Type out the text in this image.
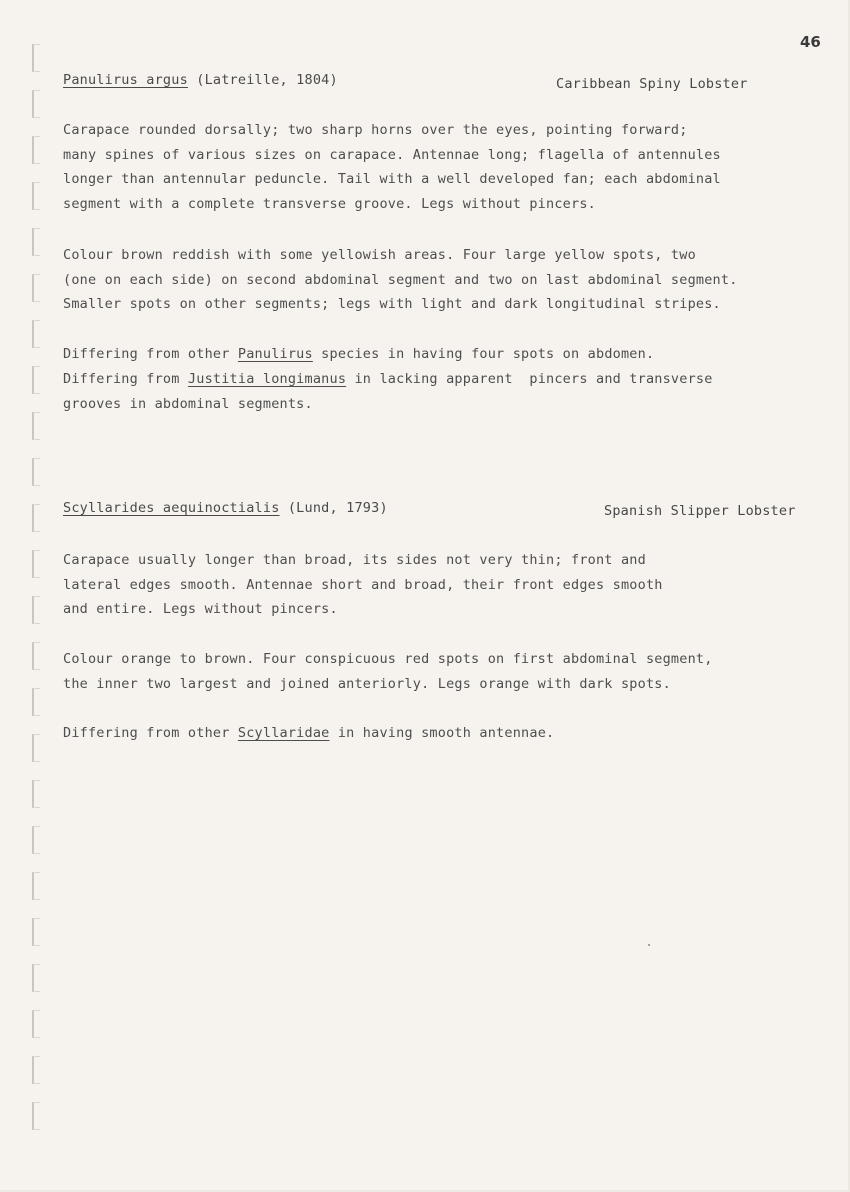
46
Panulirus argus (Latreille, 1804)	Caribbean Spiny Lobster

Carapace rounded dorsally; two sharp horns over the eyes, pointing forward;
many spines of various sizes on carapace. Antennae long; flagella of antennules
longer than antennular peduncle. Tail with a well developed fan; each abdominal
segment with a complete transverse groove. Legs without pincers.

Colour brown reddish with some yellowish areas. Four large yellow spots, two
(one on each side) on second abdominal segment and two on last abdominal segment.
Smaller spots on other segments; legs with light and dark longitudinal stripes.

Differing from other Panulirus species in having four spots on abdomen.

Differing from Justitia longimanus in lacking apparent  pincers and transverse
grooves in abdominal segments.

Scyllarides aequinoctialis (Lund, 1793)	Spanish Slipper Lobster

Carapace usually longer than broad, its sides not very thin; front and
lateral edges smooth. Antennae short and broad, their front edges smooth
and entire. Legs without pincers.

Colour orange to brown. Four conspicuous red spots on first abdominal segment,
the inner two largest and joined anteriorly. Legs orange with dark spots.

Differing from other Scyllaridae in having smooth antennae.
